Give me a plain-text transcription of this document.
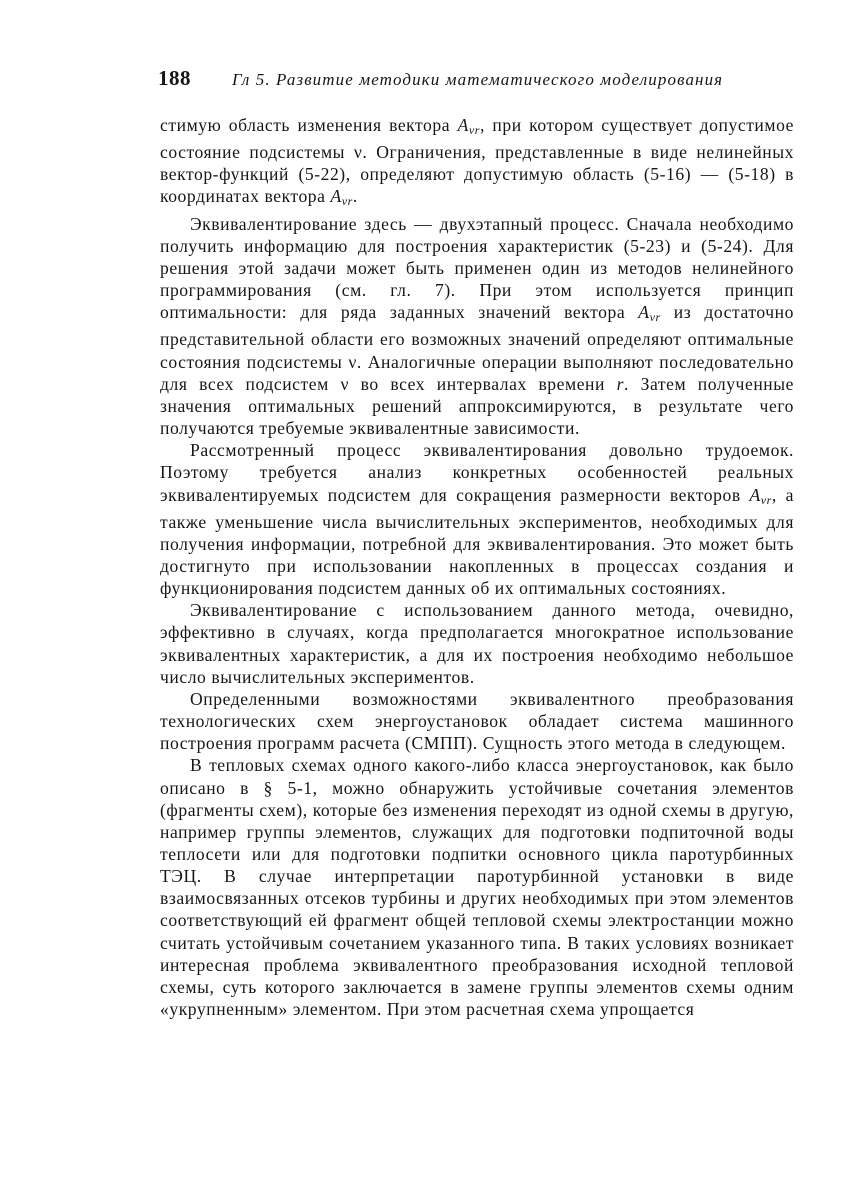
188 Гл 5. Развитие методики математического моделирования

стимую область изменения вектора $A_{vr}$, при котором существует допустимое состояние подсистемы ν. Ограничения, представленные в виде нелинейных вектор-функций (5-22), определяют допустимую область (5-16) — (5-18) в координатах вектора $A_{vr}$.

Эквивалентирование здесь — двухэтапный процесс. Сначала необходимо получить информацию для построения характеристик (5-23) и (5-24). Для решения этой задачи может быть применен один из методов нелинейного программирования (см. гл. 7). При этом используется принцип оптимальности: для ряда заданных значений вектора $A_{vr}$ из достаточно представительной области его возможных значений определяют оптимальные состояния подсистемы ν. Аналогичные операции выполняют последовательно для всех подсистем ν во всех интервалах времени r. Затем полученные значения оптимальных решений аппроксимируются, в результате чего получаются требуемые эквивалентные зависимости.

Рассмотренный процесс эквивалентирования довольно трудоемок. Поэтому требуется анализ конкретных особенностей реальных эквивалентируемых подсистем для сокращения размерности векторов $A_{vr}$, а также уменьшение числа вычислительных экспериментов, необходимых для получения информации, потребной для эквивалентирования. Это может быть достигнуто при использовании накопленных в процессах создания и функционирования подсистем данных об их оптимальных состояниях.

Эквивалентирование с использованием данного метода, очевидно, эффективно в случаях, когда предполагается многократное использование эквивалентных характеристик, а для их построения необходимо небольшое число вычислительных экспериментов.

Определенными возможностями эквивалентного преобразования технологических схем энергоустановок обладает система машинного построения программ расчета (СМПП). Сущность этого метода в следующем.

В тепловых схемах одного какого-либо класса энергоустановок, как было описано в § 5-1, можно обнаружить устойчивые сочетания элементов (фрагменты схем), которые без изменения переходят из одной схемы в другую, например группы элементов, служащих для подготовки подпиточной воды теплосети или для подготовки подпитки основного цикла паротурбинных ТЭЦ. В случае интерпретации паротурбинной установки в виде взаимосвязанных отсеков турбины и других необходимых при этом элементов соответствующий ей фрагмент общей тепловой схемы электростанции можно считать устойчивым сочетанием указанного типа. В таких условиях возникает интересная проблема эквивалентного преобразования исходной тепловой схемы, суть которого заключается в замене группы элементов схемы одним «укрупненным» элементом. При этом расчетная схема упрощается
